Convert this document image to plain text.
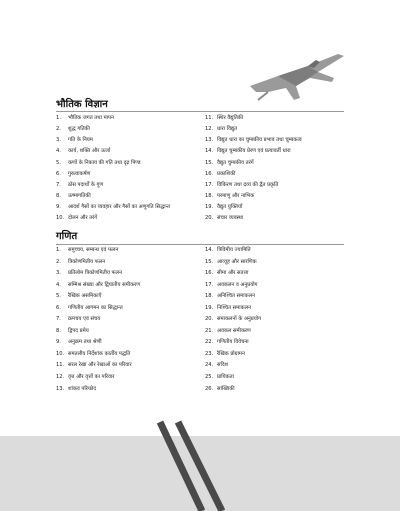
भौतिक विज्ञान
1. भौतिक जगत तथा मापन
2. शुद्ध गतिकी
3. गति के नियम
4. कार्य, शक्ति और ऊर्जा
5. कणों के निकाय की गति तथा दृढ़ पिण्ड
6. गुरुत्वाकर्षण
7. ठोस पदार्थों के गुण
8. ऊष्मागतिकी
9. आदर्श गैसों का व्यवहार और गैसों का अणुगति सिद्धान्त
10. दोलन और तरंगें
11. स्थिर वैद्युतिकी
12. धारा विद्युत
13. विद्युत धारा का चुम्बकीय प्रभाव तथा चुम्बकत्व
14. विद्युत चुम्बकीय प्रेरण एवं प्रत्यावर्ती धारा
15. वैद्युत चुम्बकीय तरंगें
16. प्रकाशिकी
17. विकिरण तथा द्रव्य की द्वैत प्रकृति
18. परमाणु और नाभिक
19. वैद्युत युक्तियाँ
20. संचार व्यवस्था
गणित
1. समुच्चय, सम्बन्ध एवं फलन
2. त्रिकोणमितीय फलन
3. प्रतिलोम त्रिकोणमितीय फलन
4. सम्मिश्र संख्या और द्विघातीय समीकरण
5. रैखिक असमिकाएँ
6. गणितीय आगमन का सिद्धान्त
7. क्रमचय एवं संचय
8. द्विपद प्रमेय
9. अनुक्रम तथा श्रेणी
10. समतलीय निर्देशांक कार्तीय पद्धति
11. सरल रेखा और रेखाओं का परिवार
12. वृत्त और वृत्तों का परिवार
13. शांकव परिच्छेद
14. त्रिविमीय ज्यामिति
15. आव्यूह और सारणिक
16. सीमा और सतत्ता
17. अवकलन व अनुप्रयोग
18. अनिश्चित समाकलन
19. निश्चित समाकलन
20. समाकलनों के अनुप्रयोग
21. अवकल समीकरण
22. गणितीय विवेचना
23. रैखिक प्रोग्रामन
24. सदिश
25. प्रायिकता
26. सांख्यिकी
